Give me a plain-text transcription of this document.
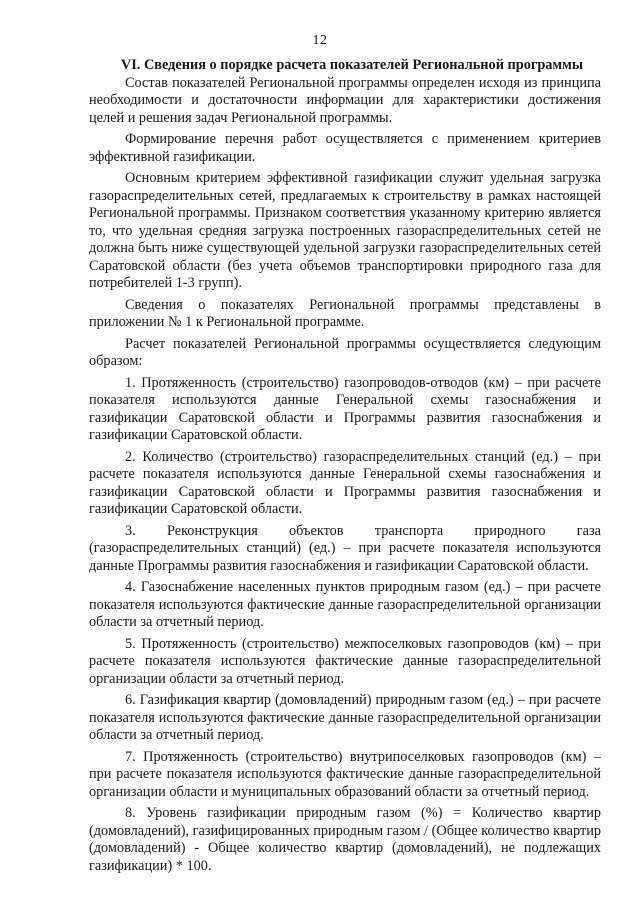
12

VI. Сведения о порядке расчета показателей Региональной программы

Состав показателей Региональной программы определен исходя из принципа необходимости и достаточности информации для характеристики достижения целей и решения задач Региональной программы.

Формирование перечня работ осуществляется с применением критериев эффективной газификации.

Основным критерием эффективной газификации служит удельная загрузка газораспределительных сетей, предлагаемых к строительству в рамках настоящей Региональной программы. Признаком соответствия указанному критерию является то, что удельная средняя загрузка построенных газораспределительных сетей не должна быть ниже существующей удельной загрузки газораспределительных сетей Саратовской области (без учета объемов транспортировки природного газа для потребителей 1-3 групп).

Сведения о показателях Региональной программы представлены в приложении № 1 к Региональной программе.

Расчет показателей Региональной программы осуществляется следующим образом:

1. Протяженность (строительство) газопроводов-отводов (км) – при расчете показателя используются данные Генеральной схемы газоснабжения и газификации Саратовской области и Программы развития газоснабжения и газификации Саратовской области.

2. Количество (строительство) газораспределительных станций (ед.) – при расчете показателя используются данные Генеральной схемы газоснабжения и газификации Саратовской области и Программы развития газоснабжения и газификации Саратовской области.

3. Реконструкция объектов транспорта природного газа (газораспределительных станций) (ед.) – при расчете показателя используются данные Программы развития газоснабжения и газификации Саратовской области.

4. Газоснабжение населенных пунктов природным газом (ед.) – при расчете показателя используются фактические данные газораспределительной организации области за отчетный период.

5. Протяженность (строительство) межпоселковых газопроводов (км) – при расчете показателя используются фактические данные газораспределительной организации области за отчетный период.

6. Газификация квартир (домовладений) природным газом (ед.) – при расчете показателя используются фактические данные газораспределительной организации области за отчетный период.

7. Протяженность (строительство) внутрипоселковых газопроводов (км) – при расчете показателя используются фактические данные газораспределительной организации области и муниципальных образований области за отчетный период.

8. Уровень газификации природным газом (%) = Количество квартир (домовладений), газифицированных природным газом / (Общее количество квартир (домовладений) - Общее количество квартир (домовладений), не подлежащих газификации) * 100.
